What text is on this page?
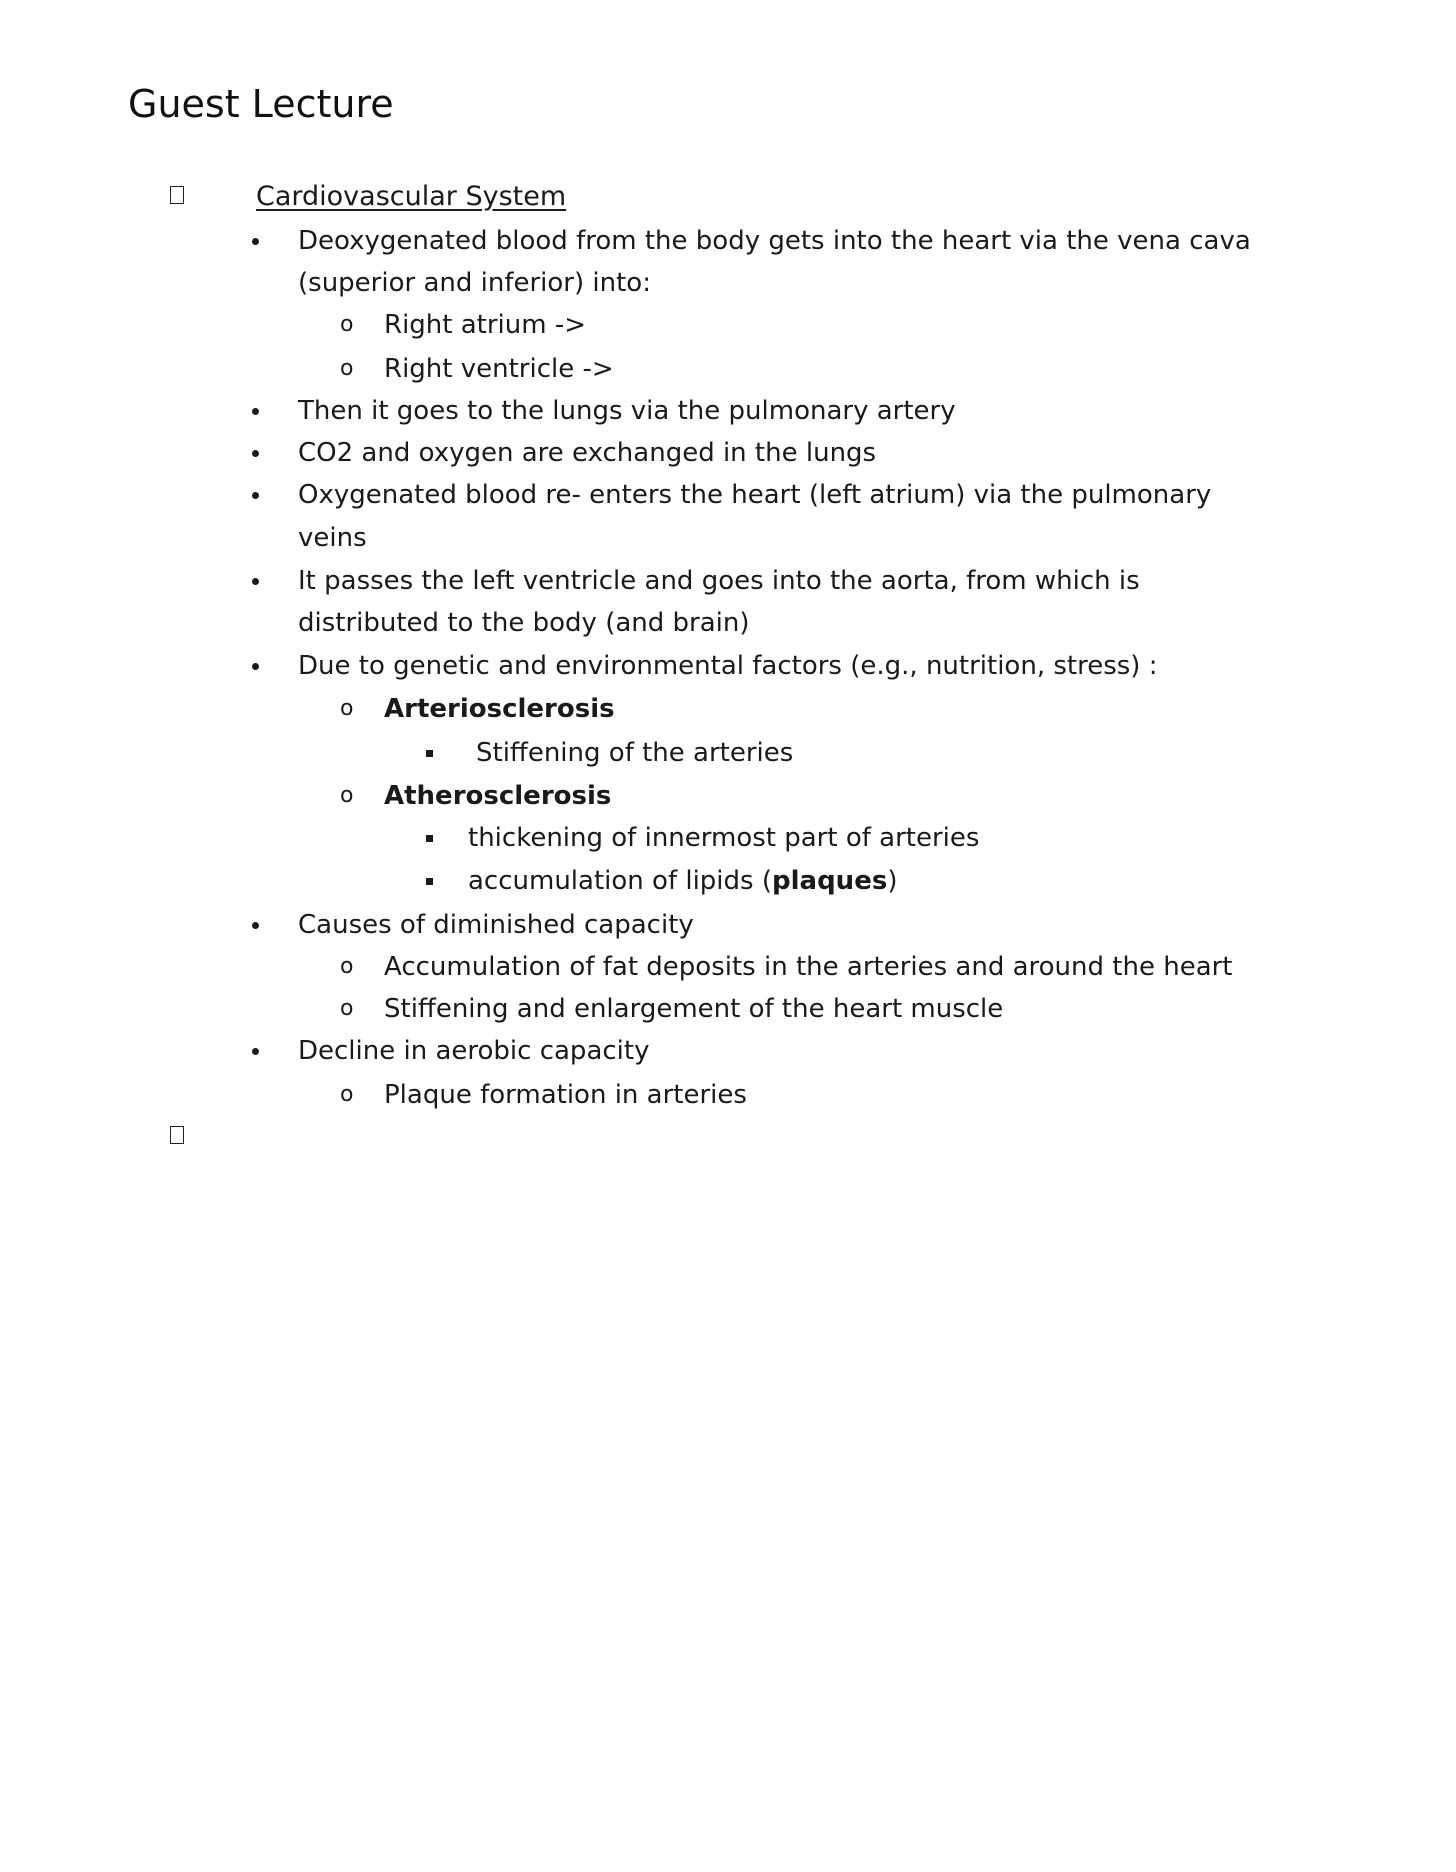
Guest Lecture
Cardiovascular System
Deoxygenated blood from the body gets into the heart via the vena cava
(superior and inferior) into:
o Right atrium ->
o Right ventricle ->
Then it goes to the lungs via the pulmonary artery
CO2 and oxygen are exchanged in the lungs
Oxygenated blood re- enters the heart (left atrium) via the pulmonary
veins
It passes the left ventricle and goes into the aorta, from which is
distributed to the body (and brain)
Due to genetic and environmental factors (e.g., nutrition, stress) :
o Arteriosclerosis
Stiffening of the arteries
o Atherosclerosis
thickening of innermost part of arteries
accumulation of lipids (plaques)
Causes of diminished capacity
o Accumulation of fat deposits in the arteries and around the heart
o Stiffening and enlargement of the heart muscle
Decline in aerobic capacity
o Plaque formation in arteries
